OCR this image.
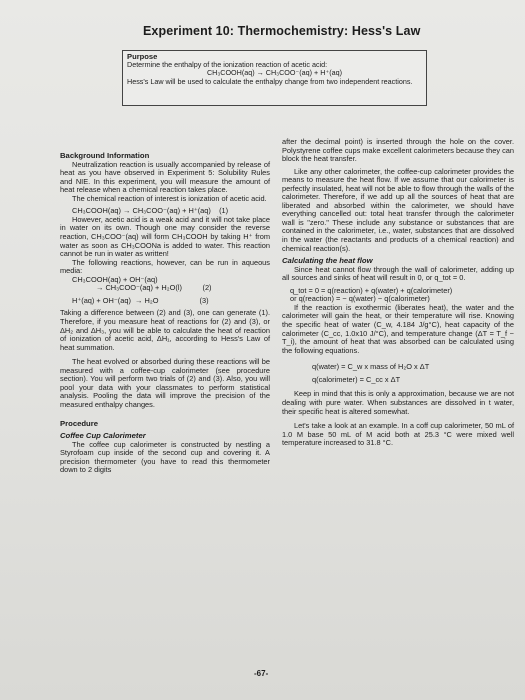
Experiment 10: Thermochemistry: Hess's Law
Purpose
Determine the enthalpy of the ionization reaction of acetic acid:
CH₃COOH(aq) → CH₃COO⁻(aq) + H⁺(aq)
Hess's Law will be used to calculate the enthalpy change from two independent reactions.

Background Information

Neutralization reaction is usually accompanied by release of heat as you have observed in Experiment 5: Solubility Rules and NIE. In this experiment, you will measure the amount of heat release when a chemical reaction takes place.

The chemical reaction of interest is ionization of acetic acid.

CH₃COOH(aq) → CH₃COO⁻(aq) + H⁺(aq)    (1)

However, acetic acid is a weak acid and it will not take place in water on its own. Though one may consider the reverse reaction, CH₃COO⁻(aq) will form CH₃COOH by taking H⁺ from water as soon as CH₃COONa is added to water. This reaction cannot be run in water as written!

The following reactions, however, can be run in aqueous media:

CH₃COOH(aq) + OH⁻(aq)

→ CH₃COO⁻(aq) + H₂O(l)          (2)

H⁺(aq) + OH⁻(aq)  → H₂O                    (3)

Taking a difference between (2) and (3), one can generate (1). Therefore, if you measure heat of reactions for (2) and (3), or ΔH₂ and ΔH₃, you will be able to calculate the heat of reaction of ionization of acetic acid, ΔH₁, according to Hess's Law of heat summation.

The heat evolved or absorbed during these reactions will be measured with a coffee-cup calorimeter (see procedure section). You will perform two trials of (2) and (3). Also, you will pool your data with your classmates to perform statistical analysis. Pooling the data will improve the precision of the measured enthalpy changes.

Procedure

Coffee Cup Calorimeter

The coffee cup calorimeter is constructed by nestling a Styrofoam cup inside of the second cup and covering it. A precision thermometer (you have to read this thermometer down to 2 digits

after the decimal point) is inserted through the hole on the cover. Polystyrene coffee cups make excellent calorimeters because they can block the heat transfer.

Like any other calorimeter, the coffee-cup calorimeter provides the means to measure the heat flow. If we assume that our calorimeter is perfectly insulated, heat will not be able to flow through the walls of the calorimeter. Therefore, if we add up all the sources of heat that are liberated and absorbed within the calorimeter, we should have everything cancelled out: total heat transfer through the calorimeter wall is "zero." These include any substance or substances that are contained in the calorimeter, i.e., water, substances that are dissolved in the water (the reactants and products of a chemical reaction) and chemical reaction(s).

Calculating the heat flow

Since heat cannot flow through the wall of calorimeter, adding up all sources and sinks of heat will result in 0, or q_tot = 0.

q_tot = 0 = q(reaction) + q(water) + q(calorimeter)

or q(reaction) = − q(water) − q(calorimeter)

If the reaction is exothermic (liberates heat), the water and the calorimeter will gain the heat, or their temperature will rise. Knowing the specific heat of water (C_w, 4.184 J/g°C), heat capacity of the calorimeter (C_cc, 1.0x10 J/°C), and temperature change (ΔT = T_f − T_i), the amount of heat that was absorbed can be calculated using the following equations.

q(water) = C_w x mass of H₂O x ΔT

q(calorimeter) = C_cc x ΔT

Keep in mind that this is only a approximation, because we are not dealing with pure water. When substances are dissolved in t water, their specific heat is altered somewhat.

Let's take a look at an example. In a coff cup calorimeter, 50 mL of 1.0 M base 50 mL of M acid both at 25.3 °C were mixed well temperature increased to 31.8 °C.

-67-
